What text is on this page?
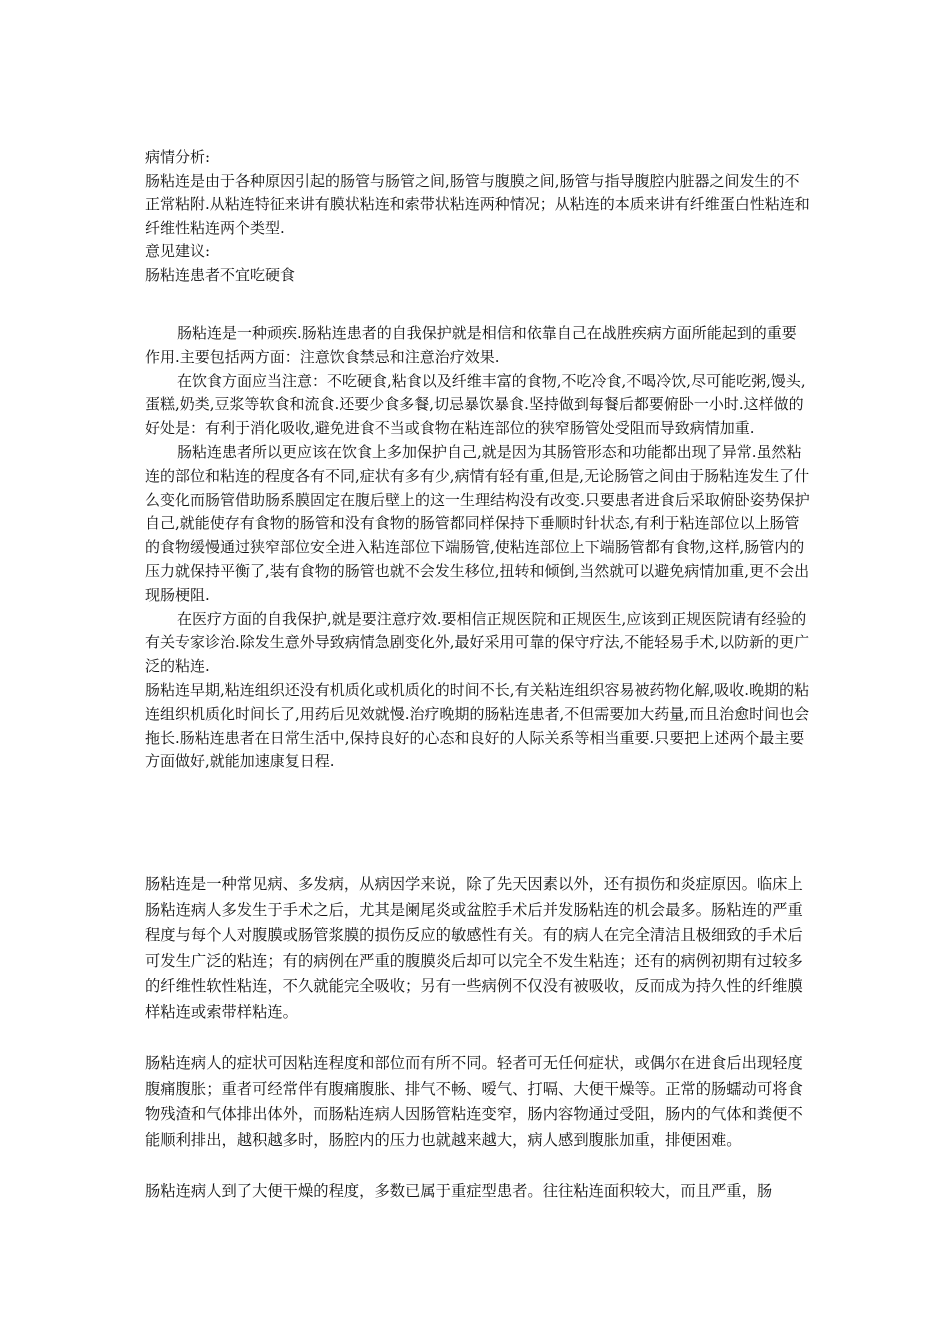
病情分析:

肠粘连是由于各种原因引起的肠管与肠管之间,肠管与腹膜之间,肠管与指导腹腔内脏器之间发生的不正常粘附.从粘连特征来讲有膜状粘连和索带状粘连两种情况；从粘连的本质来讲有纤维蛋白性粘连和纤维性粘连两个类型.

意见建议:

肠粘连患者不宜吃硬食

肠粘连是一种顽疾.肠粘连患者的自我保护就是相信和依靠自己在战胜疾病方面所能起到的重要作用.主要包括两方面：注意饮食禁忌和注意治疗效果.

在饮食方面应当注意：不吃硬食,粘食以及纤维丰富的食物,不吃冷食,不喝冷饮,尽可能吃粥,馒头,蛋糕,奶类,豆浆等软食和流食.还要少食多餐,切忌暴饮暴食.坚持做到每餐后都要俯卧一小时.这样做的好处是：有利于消化吸收,避免进食不当或食物在粘连部位的狭窄肠管处受阻而导致病情加重.

肠粘连患者所以更应该在饮食上多加保护自己,就是因为其肠管形态和功能都出现了异常.虽然粘连的部位和粘连的程度各有不同,症状有多有少,病情有轻有重,但是,无论肠管之间由于肠粘连发生了什么变化而肠管借助肠系膜固定在腹后壁上的这一生理结构没有改变.只要患者进食后采取俯卧姿势保护自己,就能使存有食物的肠管和没有食物的肠管都同样保持下垂顺时针状态,有利于粘连部位以上肠管的食物缓慢通过狭窄部位安全进入粘连部位下端肠管,使粘连部位上下端肠管都有食物,这样,肠管内的压力就保持平衡了,装有食物的肠管也就不会发生移位,扭转和倾倒,当然就可以避免病情加重,更不会出现肠梗阻.

在医疗方面的自我保护,就是要注意疗效.要相信正规医院和正规医生,应该到正规医院请有经验的有关专家诊治.除发生意外导致病情急剧变化外,最好采用可靠的保守疗法,不能轻易手术,以防新的更广泛的粘连.

肠粘连早期,粘连组织还没有机质化或机质化的时间不长,有关粘连组织容易被药物化解,吸收.晚期的粘连组织机质化时间长了,用药后见效就慢.治疗晚期的肠粘连患者,不但需要加大药量,而且治愈时间也会拖长.肠粘连患者在日常生活中,保持良好的心态和良好的人际关系等相当重要.只要把上述两个最主要方面做好,就能加速康复日程.

肠粘连是一种常见病、多发病，从病因学来说，除了先天因素以外，还有损伤和炎症原因。临床上肠粘连病人多发生于手术之后，尤其是阑尾炎或盆腔手术后并发肠粘连的机会最多。肠粘连的严重程度与每个人对腹膜或肠管浆膜的损伤反应的敏感性有关。有的病人在完全清洁且极细致的手术后可发生广泛的粘连；有的病例在严重的腹膜炎后却可以完全不发生粘连；还有的病例初期有过较多的纤维性软性粘连，不久就能完全吸收；另有一些病例不仅没有被吸收，反而成为持久性的纤维膜样粘连或索带样粘连。

肠粘连病人的症状可因粘连程度和部位而有所不同。轻者可无任何症状，或偶尔在进食后出现轻度腹痛腹胀；重者可经常伴有腹痛腹胀、排气不畅、嗳气、打嗝、大便干燥等。正常的肠蠕动可将食物残渣和气体排出体外，而肠粘连病人因肠管粘连变窄，肠内容物通过受阻，肠内的气体和粪便不能顺利排出，越积越多时，肠腔内的压力也就越来越大，病人感到腹胀加重，排便困难。

肠粘连病人到了大便干燥的程度，多数已属于重症型患者。往往粘连面积较大，而且严重，肠
